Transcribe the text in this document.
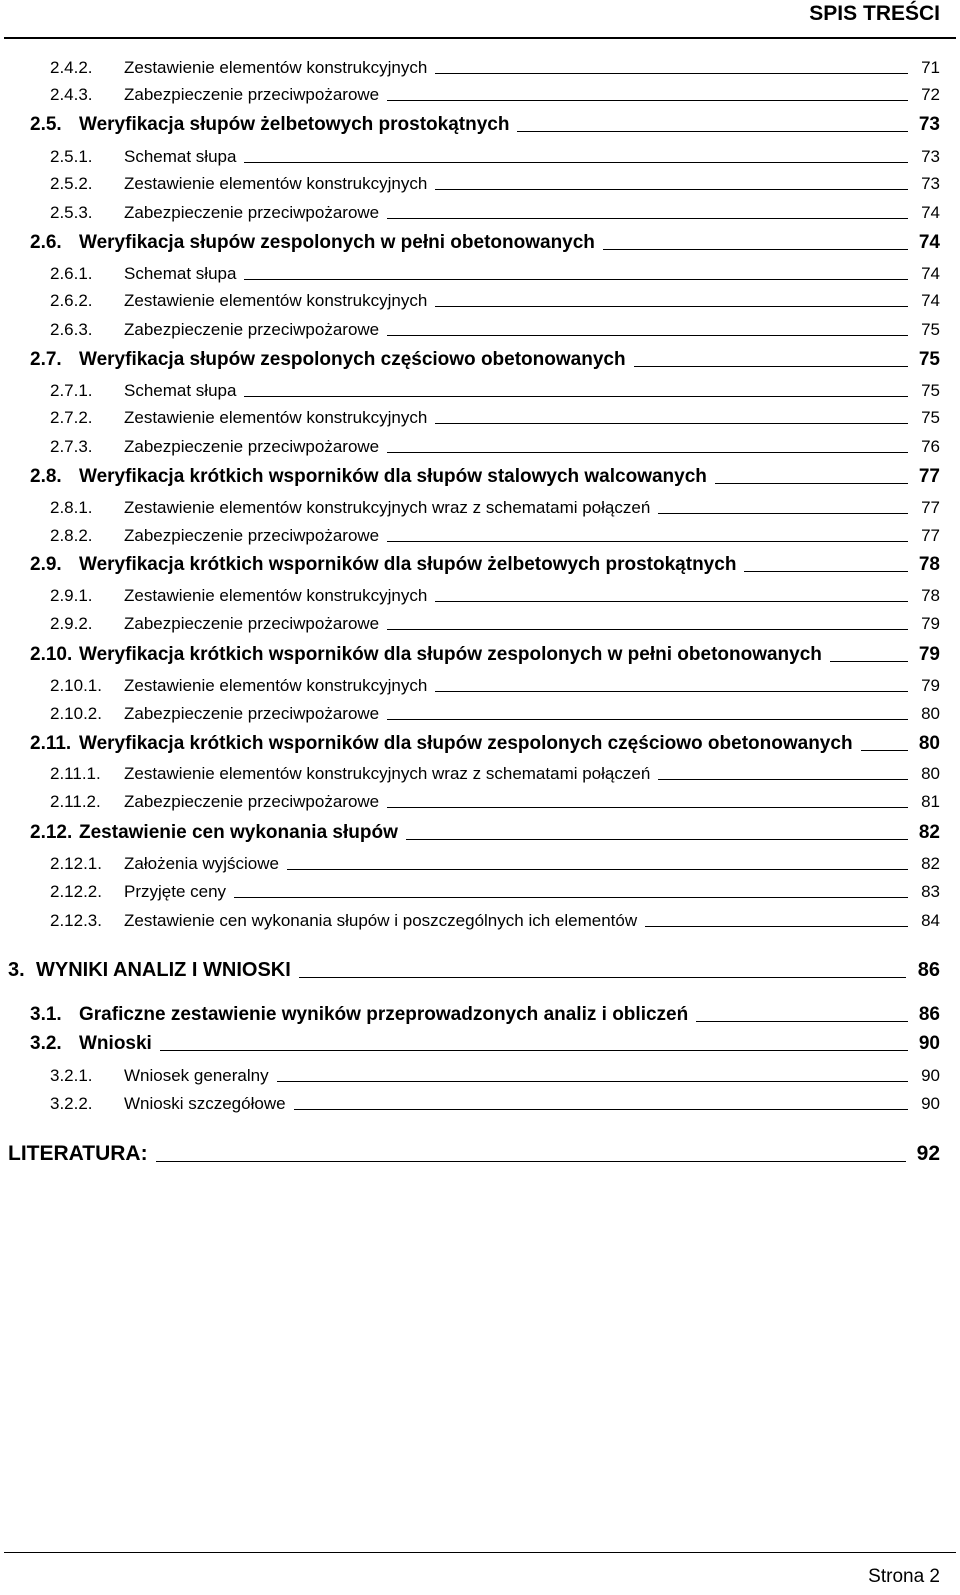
SPIS TREŚCI
2.4.2. Zestawienie elementów konstrukcyjnych	71
2.4.3. Zabezpieczenie przeciwpożarowe	72
2.5. Weryfikacja słupów żelbetowych prostokątnych	73
2.5.1. Schemat słupa	73
2.5.2. Zestawienie elementów konstrukcyjnych	73
2.5.3. Zabezpieczenie przeciwpożarowe	74
2.6. Weryfikacja słupów zespolonych w pełni obetonowanych	74
2.6.1. Schemat słupa	74
2.6.2. Zestawienie elementów konstrukcyjnych	74
2.6.3. Zabezpieczenie przeciwpożarowe	75
2.7. Weryfikacja słupów zespolonych częściowo obetonowanych	75
2.7.1. Schemat słupa	75
2.7.2. Zestawienie elementów konstrukcyjnych	75
2.7.3. Zabezpieczenie przeciwpożarowe	76
2.8. Weryfikacja krótkich wsporników dla słupów stalowych walcowanych	77
2.8.1. Zestawienie elementów konstrukcyjnych wraz z schematami połączeń	77
2.8.2. Zabezpieczenie przeciwpożarowe	77
2.9. Weryfikacja krótkich wsporników dla słupów żelbetowych prostokątnych	78
2.9.1. Zestawienie elementów konstrukcyjnych	78
2.9.2. Zabezpieczenie przeciwpożarowe	79
2.10. Weryfikacja krótkich wsporników dla słupów zespolonych w pełni obetonowanych	79
2.10.1. Zestawienie elementów konstrukcyjnych	79
2.10.2. Zabezpieczenie przeciwpożarowe	80
2.11. Weryfikacja krótkich wsporników dla słupów zespolonych częściowo obetonowanych	80
2.11.1. Zestawienie elementów konstrukcyjnych wraz z schematami połączeń	80
2.11.2. Zabezpieczenie przeciwpożarowe	81
2.12. Zestawienie cen wykonania słupów	82
2.12.1. Założenia wyjściowe	82
2.12.2. Przyjęte ceny	83
2.12.3. Zestawienie cen wykonania słupów i poszczególnych ich elementów	84
3. WYNIKI ANALIZ I WNIOSKI	86
3.1. Graficzne zestawienie wyników przeprowadzonych analiz i obliczeń	86
3.2. Wnioski	90
3.2.1. Wniosek generalny	90
3.2.2. Wnioski szczegółowe	90
LITERATURA:	92
Strona 2
